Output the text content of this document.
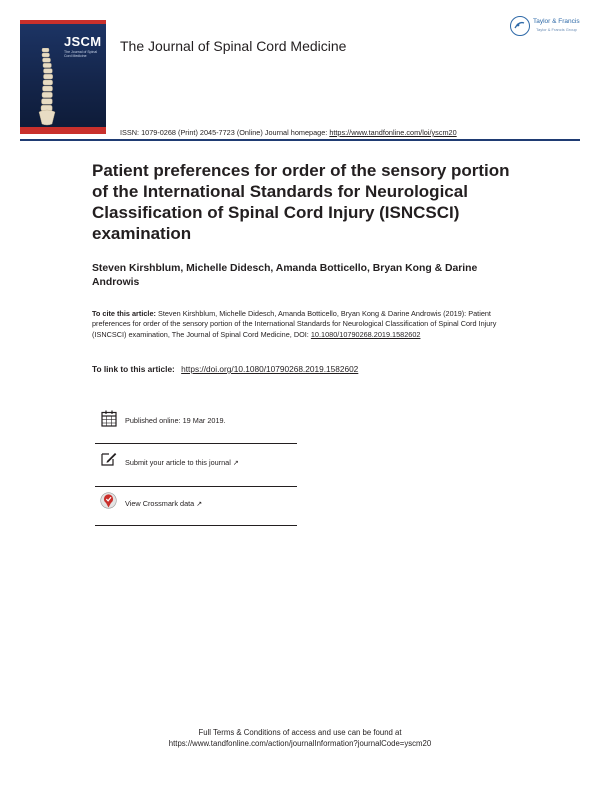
JSCM
The Journal of Spinal Cord Medicine
The Journal of Spinal Cord Medicine
Taylor & Francis
Taylor & Francis Group
ISSN: 1079-0268 (Print) 2045-7723 (Online) Journal homepage: https://www.tandfonline.com/loi/yscm20
Patient preferences for order of the sensory portion of the International Standards for Neurological Classification of Spinal Cord Injury (ISNCSCI) examination
Steven Kirshblum, Michelle Didesch, Amanda Botticello, Bryan Kong & Darine Androwis
To cite this article: Steven Kirshblum, Michelle Didesch, Amanda Botticello, Bryan Kong & Darine Androwis (2019): Patient preferences for order of the sensory portion of the International Standards for Neurological Classification of Spinal Cord Injury (ISNCSCI) examination, The Journal of Spinal Cord Medicine, DOI: 10.1080/10790268.2019.1582602
To link to this article: https://doi.org/10.1080/10790268.2019.1582602
Published online: 19 Mar 2019.
Submit your article to this journal ↗
View Crossmark data ↗
Full Terms & Conditions of access and use can be found at
https://www.tandfonline.com/action/journalInformation?journalCode=yscm20
